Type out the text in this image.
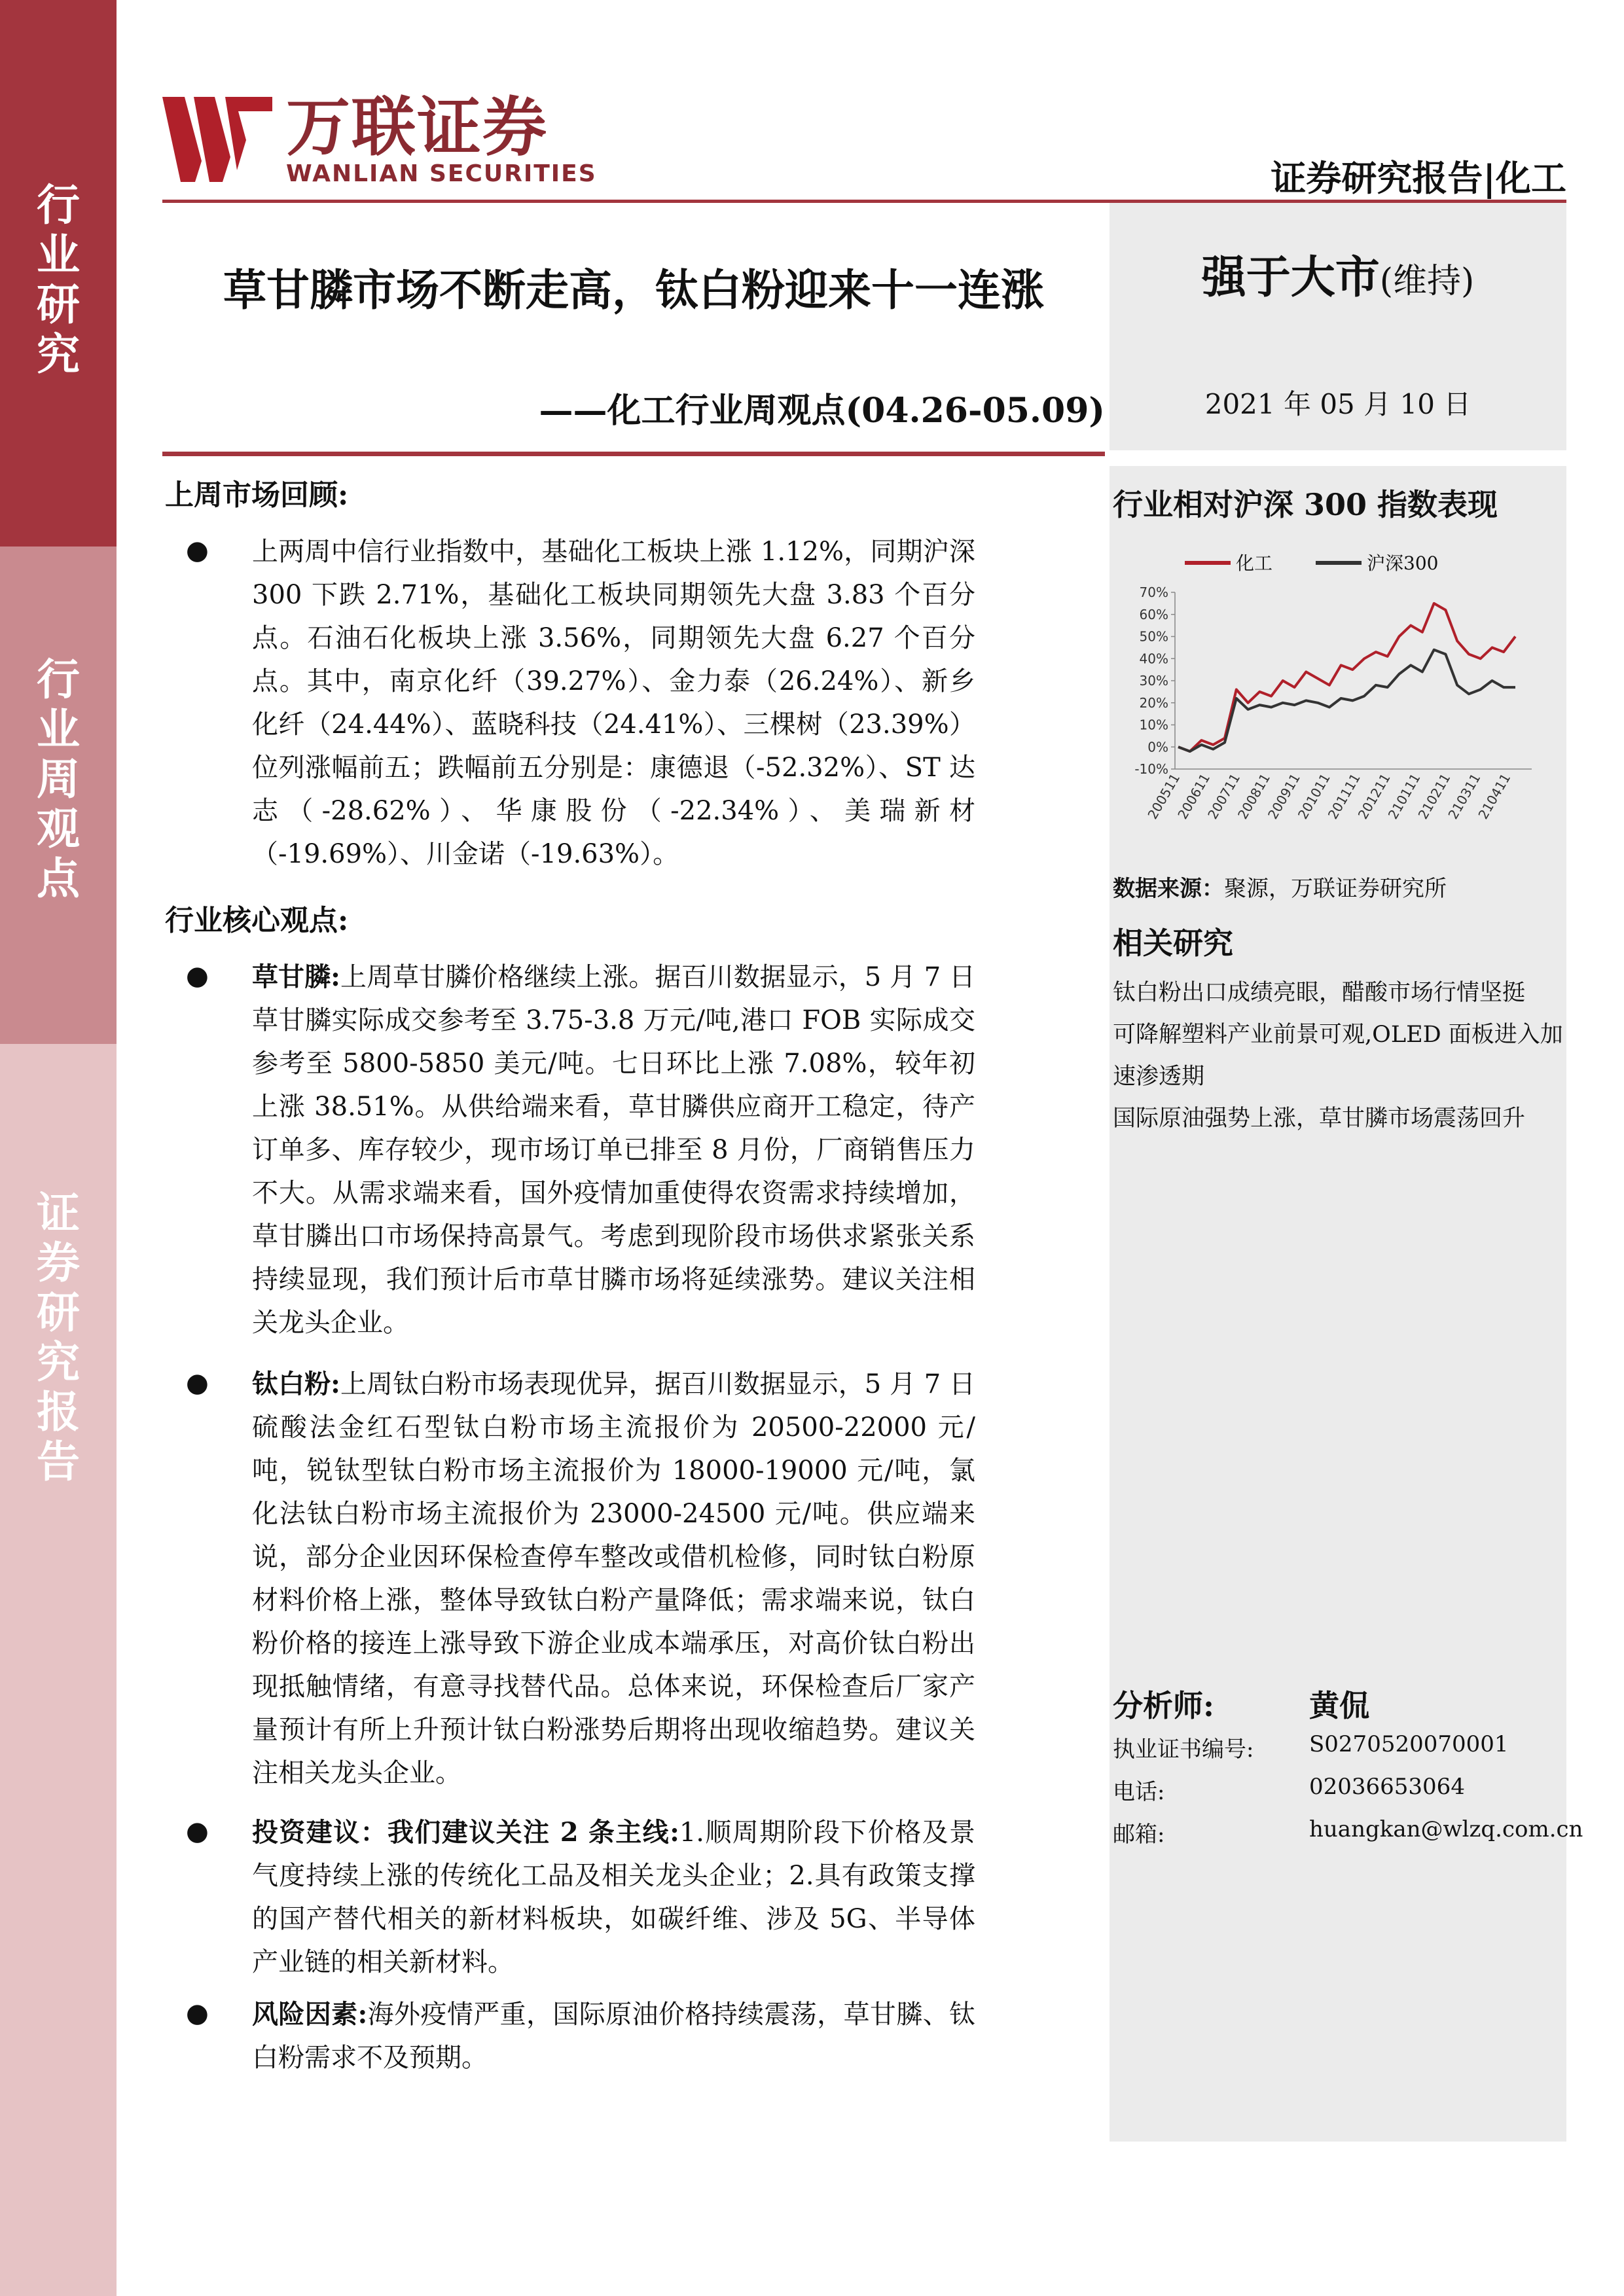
行
业
研
究
行
业
周
观
点
证
券
研
究
报
告
万联证券
WANLIAN SECURITIES	证券研究报告|化工
草甘膦市场不断走高，钛白粉迎来十一连涨
——化工行业周观点(04.26-05.09)
强于大市(维持)
2021 年 05 月 10 日
行业相对沪深 300 指数表现
化工	沪深300
70%
60%
50%
40%
30%
20%
10%
0%
-10%
200511
200611
200711
200811
200911
201011
201111
201211
210111
210211
210311
210411
数据来源：聚源，万联证券研究所
相关研究
钛白粉出口成绩亮眼，醋酸市场行情坚挺
可降解塑料产业前景可观,OLED 面板进入加
速渗透期
国际原油强势上涨，草甘膦市场震荡回升
分析师:	黄侃
执业证书编号: S0270520070001
电话:	02036653064
邮箱:	huangkan@wlzq.com.cn
上周市场回顾:
● 上两周中信行业指数中，基础化工板块上涨 1.12%，同期沪深 300 下跌 2.71%，基础化工板块同期领先大盘 3.83 个百分点。石油石化板块上涨 3.56%，同期领先大盘 6.27 个百分点。其中，南京化纤（39.27%）、金力泰（26.24%）、新乡化纤（24.44%）、蓝晓科技（24.41%）、三棵树（23.39%）位列涨幅前五；跌幅前五分别是：康德退（-52.32%）、ST 达志（-28.62%）、华康股份（-22.34%）、美瑞新材（-19.69%）、川金诺（-19.63%）。
行业核心观点:
● 草甘膦:上周草甘膦价格继续上涨。据百川数据显示，5 月 7 日草甘膦实际成交参考至 3.75-3.8 万元/吨,港口 FOB 实际成交参考至 5800-5850 美元/吨。七日环比上涨 7.08%，较年初上涨 38.51%。从供给端来看，草甘膦供应商开工稳定，待产订单多、库存较少，现市场订单已排至 8 月份，厂商销售压力不大。从需求端来看，国外疫情加重使得农资需求持续增加，草甘膦出口市场保持高景气。考虑到现阶段市场供求紧张关系持续显现，我们预计后市草甘膦市场将延续涨势。建议关注相关龙头企业。
● 钛白粉:上周钛白粉市场表现优异，据百川数据显示，5 月 7 日硫酸法金红石型钛白粉市场主流报价为 20500-22000 元/吨，锐钛型钛白粉市场主流报价为 18000-19000 元/吨，氯化法钛白粉市场主流报价为 23000-24500 元/吨。供应端来说，部分企业因环保检查停车整改或借机检修，同时钛白粉原材料价格上涨，整体导致钛白粉产量降低；需求端来说，钛白粉价格的接连上涨导致下游企业成本端承压，对高价钛白粉出现抵触情绪，有意寻找替代品。总体来说，环保检查后厂家产量预计有所上升预计钛白粉涨势后期将出现收缩趋势。建议关注相关龙头企业。
● 投资建议：我们建议关注 2 条主线:1.顺周期阶段下价格及景气度持续上涨的传统化工品及相关龙头企业；2.具有政策支撑的国产替代相关的新材料板块，如碳纤维、涉及 5G、半导体产业链的相关新材料。
● 风险因素:海外疫情严重，国际原油价格持续震荡，草甘膦、钛白粉需求不及预期。
